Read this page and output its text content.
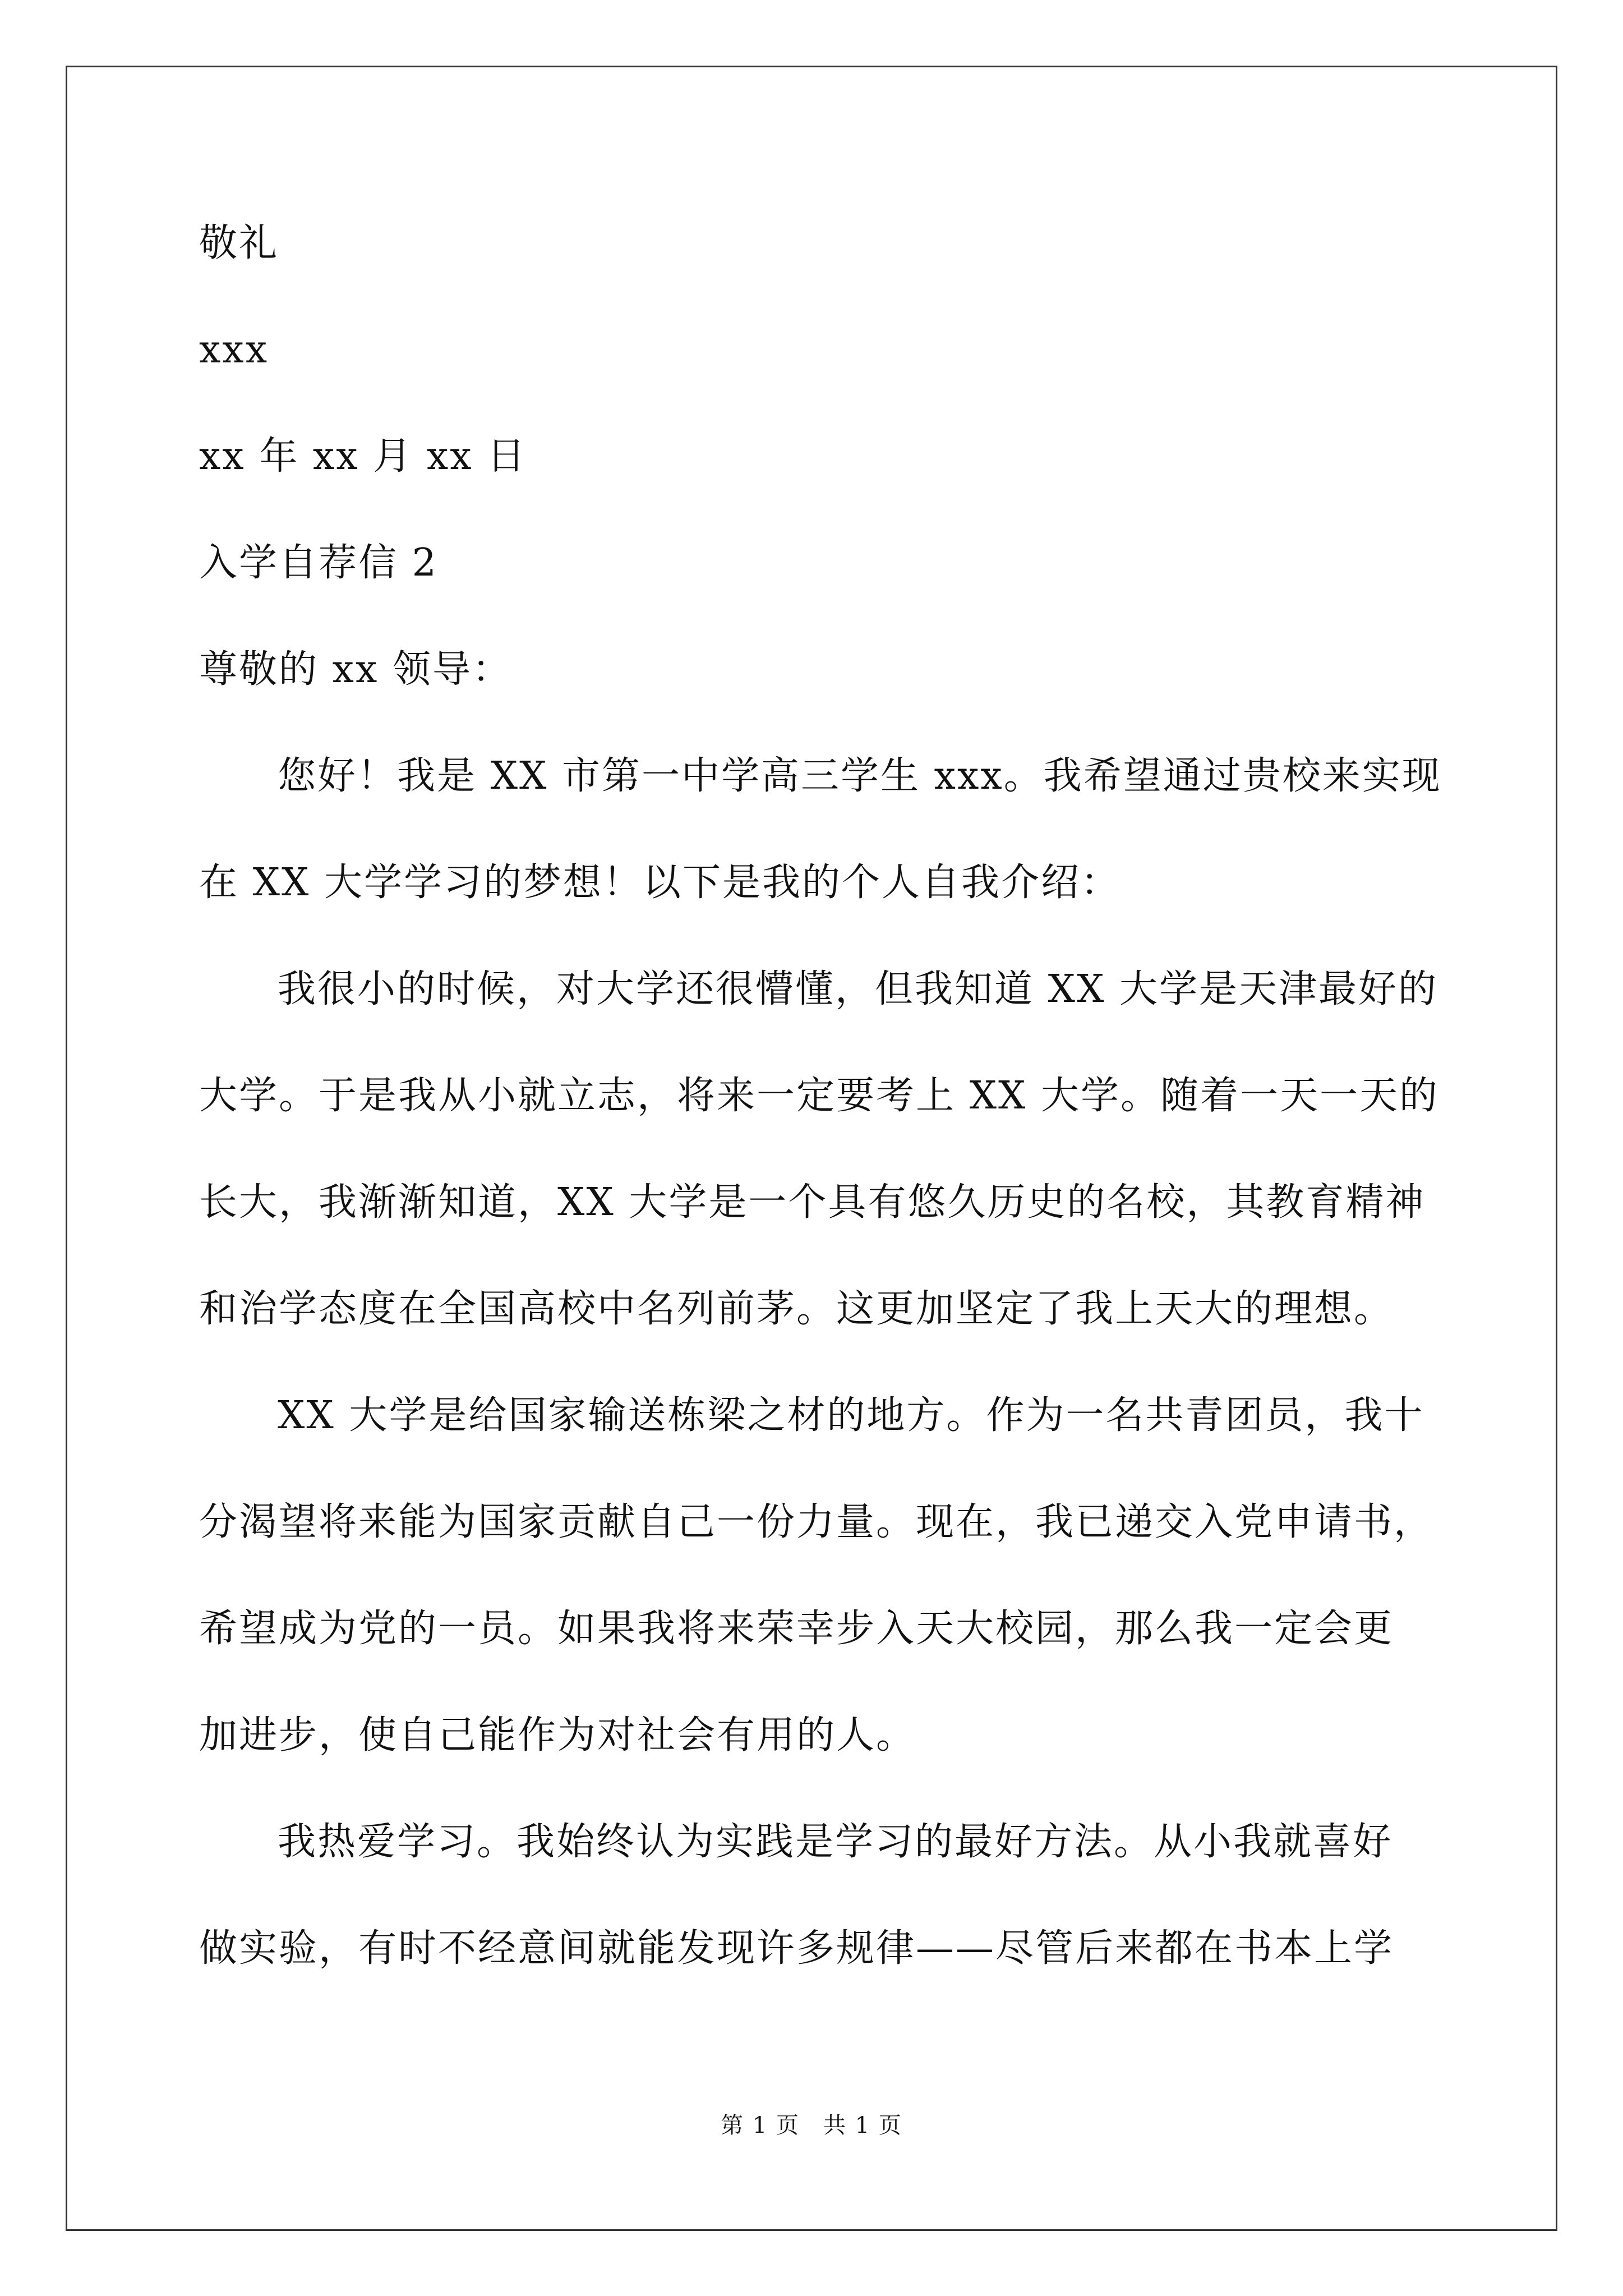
敬礼
xxx
xx 年 xx 月 xx 日
入学自荐信 2
尊敬的 xx 领导：
您好！我是 XX 市第一中学高三学生 xxx。我希望通过贵校来实现
在 XX 大学学习的梦想！以下是我的个人自我介绍：
我很小的时候，对大学还很懵懂，但我知道 XX 大学是天津最好的
大学。于是我从小就立志，将来一定要考上 XX 大学。随着一天一天的
长大，我渐渐知道，XX 大学是一个具有悠久历史的名校，其教育精神
和治学态度在全国高校中名列前茅。这更加坚定了我上天大的理想。
XX 大学是给国家输送栋梁之材的地方。作为一名共青团员，我十
分渴望将来能为国家贡献自己一份力量。现在，我已递交入党申请书，
希望成为党的一员。如果我将来荣幸步入天大校园，那么我一定会更
加进步，使自己能作为对社会有用的人。
我热爱学习。我始终认为实践是学习的最好方法。从小我就喜好
做实验，有时不经意间就能发现许多规律——尽管后来都在书本上学
第 1 页　共 1 页
